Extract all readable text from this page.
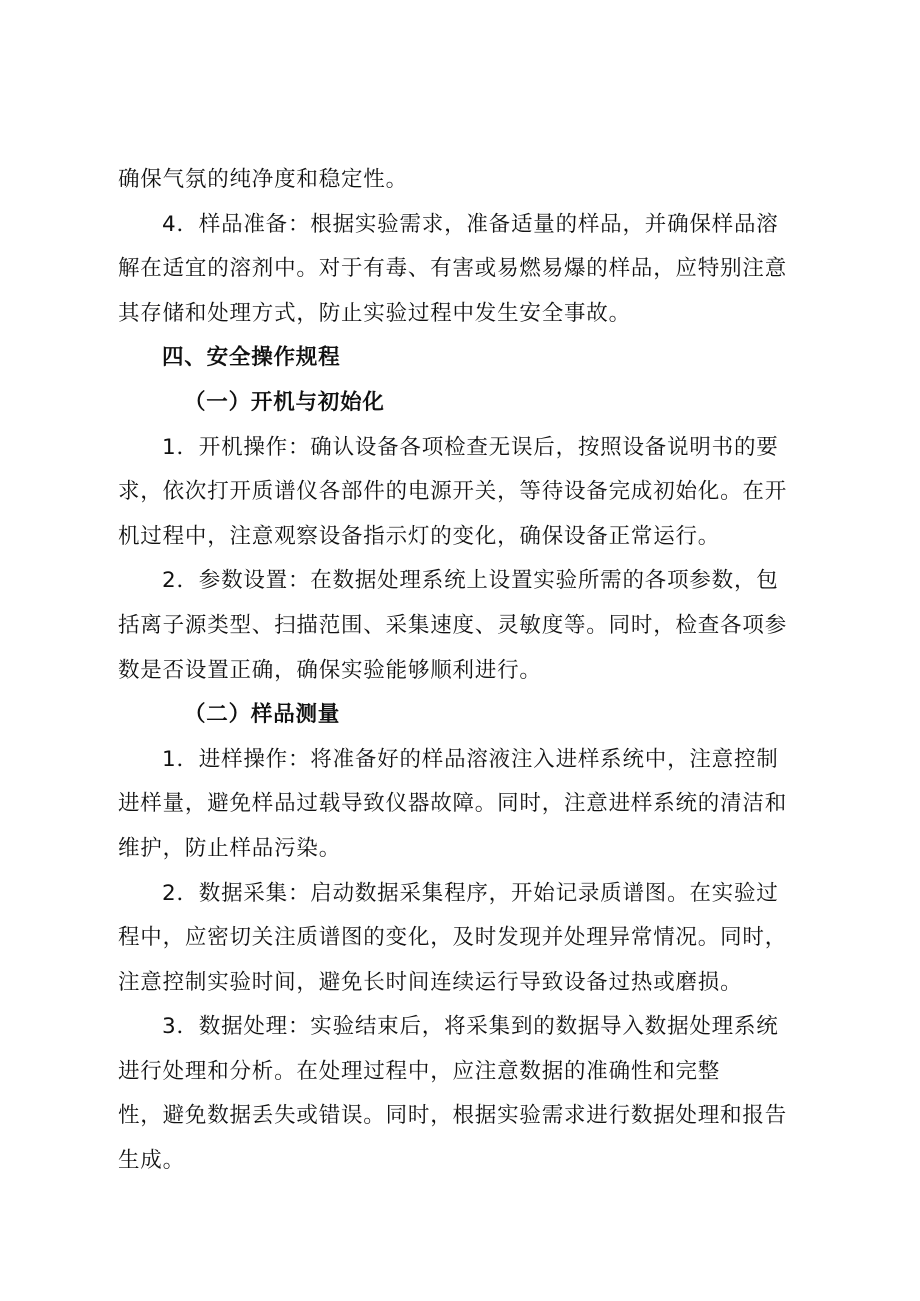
确保气氛的纯净度和稳定性。

4．样品准备：根据实验需求，准备适量的样品，并确保样品溶
解在适宜的溶剂中。对于有毒、有害或易燃易爆的样品，应特别注意
其存储和处理方式，防止实验过程中发生安全事故。

四、安全操作规程

（一）开机与初始化

1．开机操作：确认设备各项检查无误后，按照设备说明书的要
求，依次打开质谱仪各部件的电源开关，等待设备完成初始化。在开
机过程中，注意观察设备指示灯的变化，确保设备正常运行。

2．参数设置：在数据处理系统上设置实验所需的各项参数，包
括离子源类型、扫描范围、采集速度、灵敏度等。同时，检查各项参
数是否设置正确，确保实验能够顺利进行。

（二）样品测量

1．进样操作：将准备好的样品溶液注入进样系统中，注意控制
进样量，避免样品过载导致仪器故障。同时，注意进样系统的清洁和
维护，防止样品污染。

2．数据采集：启动数据采集程序，开始记录质谱图。在实验过
程中，应密切关注质谱图的变化，及时发现并处理异常情况。同时，
注意控制实验时间，避免长时间连续运行导致设备过热或磨损。

3．数据处理：实验结束后，将采集到的数据导入数据处理系统
进行处理和分析。在处理过程中，应注意数据的准确性和完整
性，避免数据丢失或错误。同时，根据实验需求进行数据处理和报告
生成。
